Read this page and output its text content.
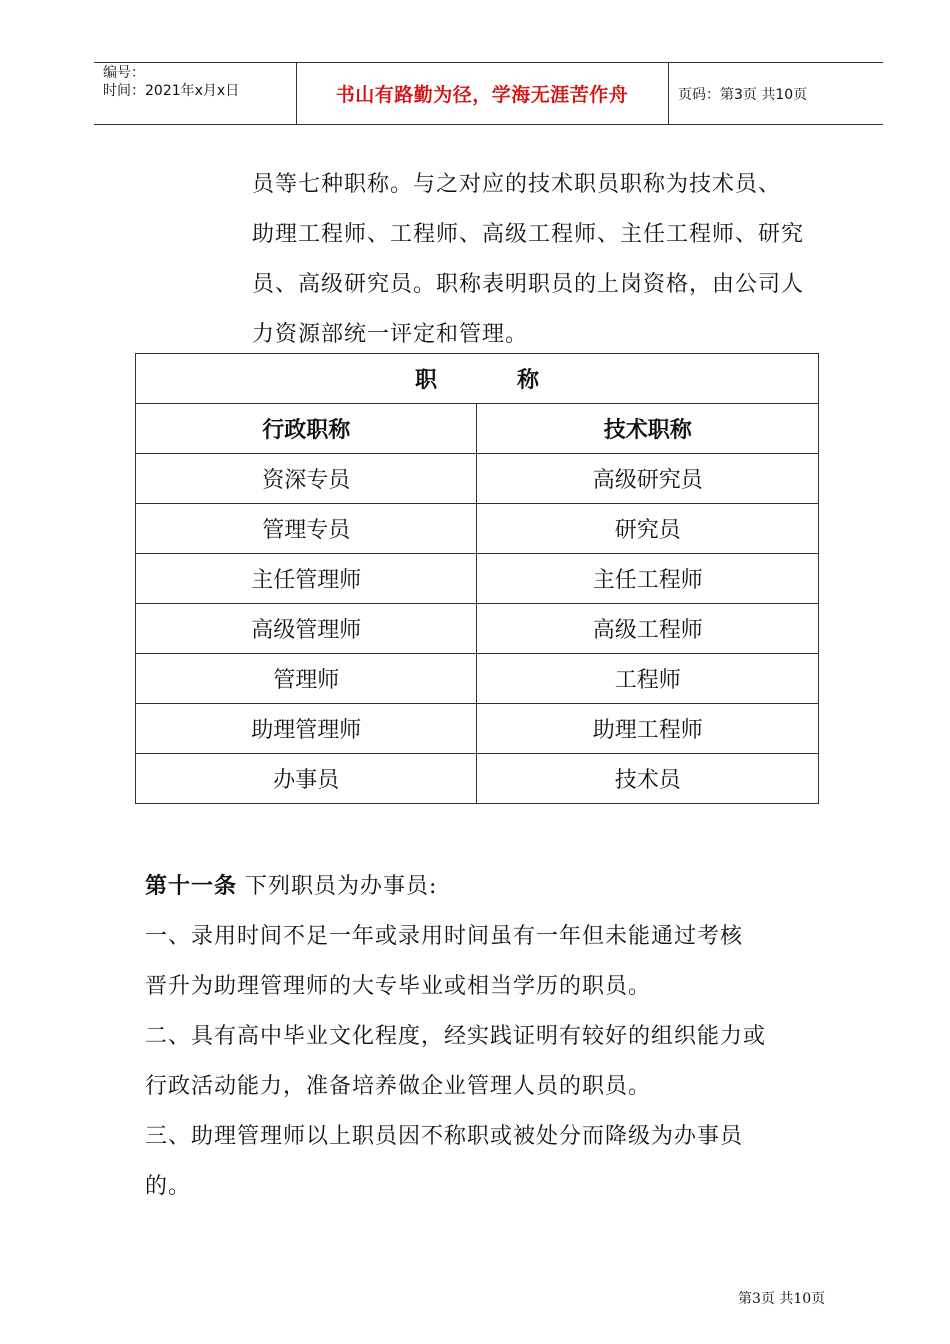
编号：
时间：2021年x月x日	书山有路勤为径，学海无涯苦作舟	页码：第3页 共10页
员等七种职称。与之对应的技术职员职称为技术员、
助理工程师、工程师、高级工程师、主任工程师、研究
员、高级研究员。职称表明职员的上岗资格，由公司人
力资源部统一评定和管理。
职称	
行政职称	技术职称
资深专员	高级研究员
管理专员	研究员
主任管理师	主任工程师
高级管理师	高级工程师
管理师	工程师
助理管理师	助理工程师
办事员	技术员
第十一条 下列职员为办事员:
一、录用时间不足一年或录用时间虽有一年但未能通过考核
晋升为助理管理师的大专毕业或相当学历的职员。
二、具有高中毕业文化程度，经实践证明有较好的组织能力或
行政活动能力，准备培养做企业管理人员的职员。
三、助理管理师以上职员因不称职或被处分而降级为办事员
的。
第3页 共10页
